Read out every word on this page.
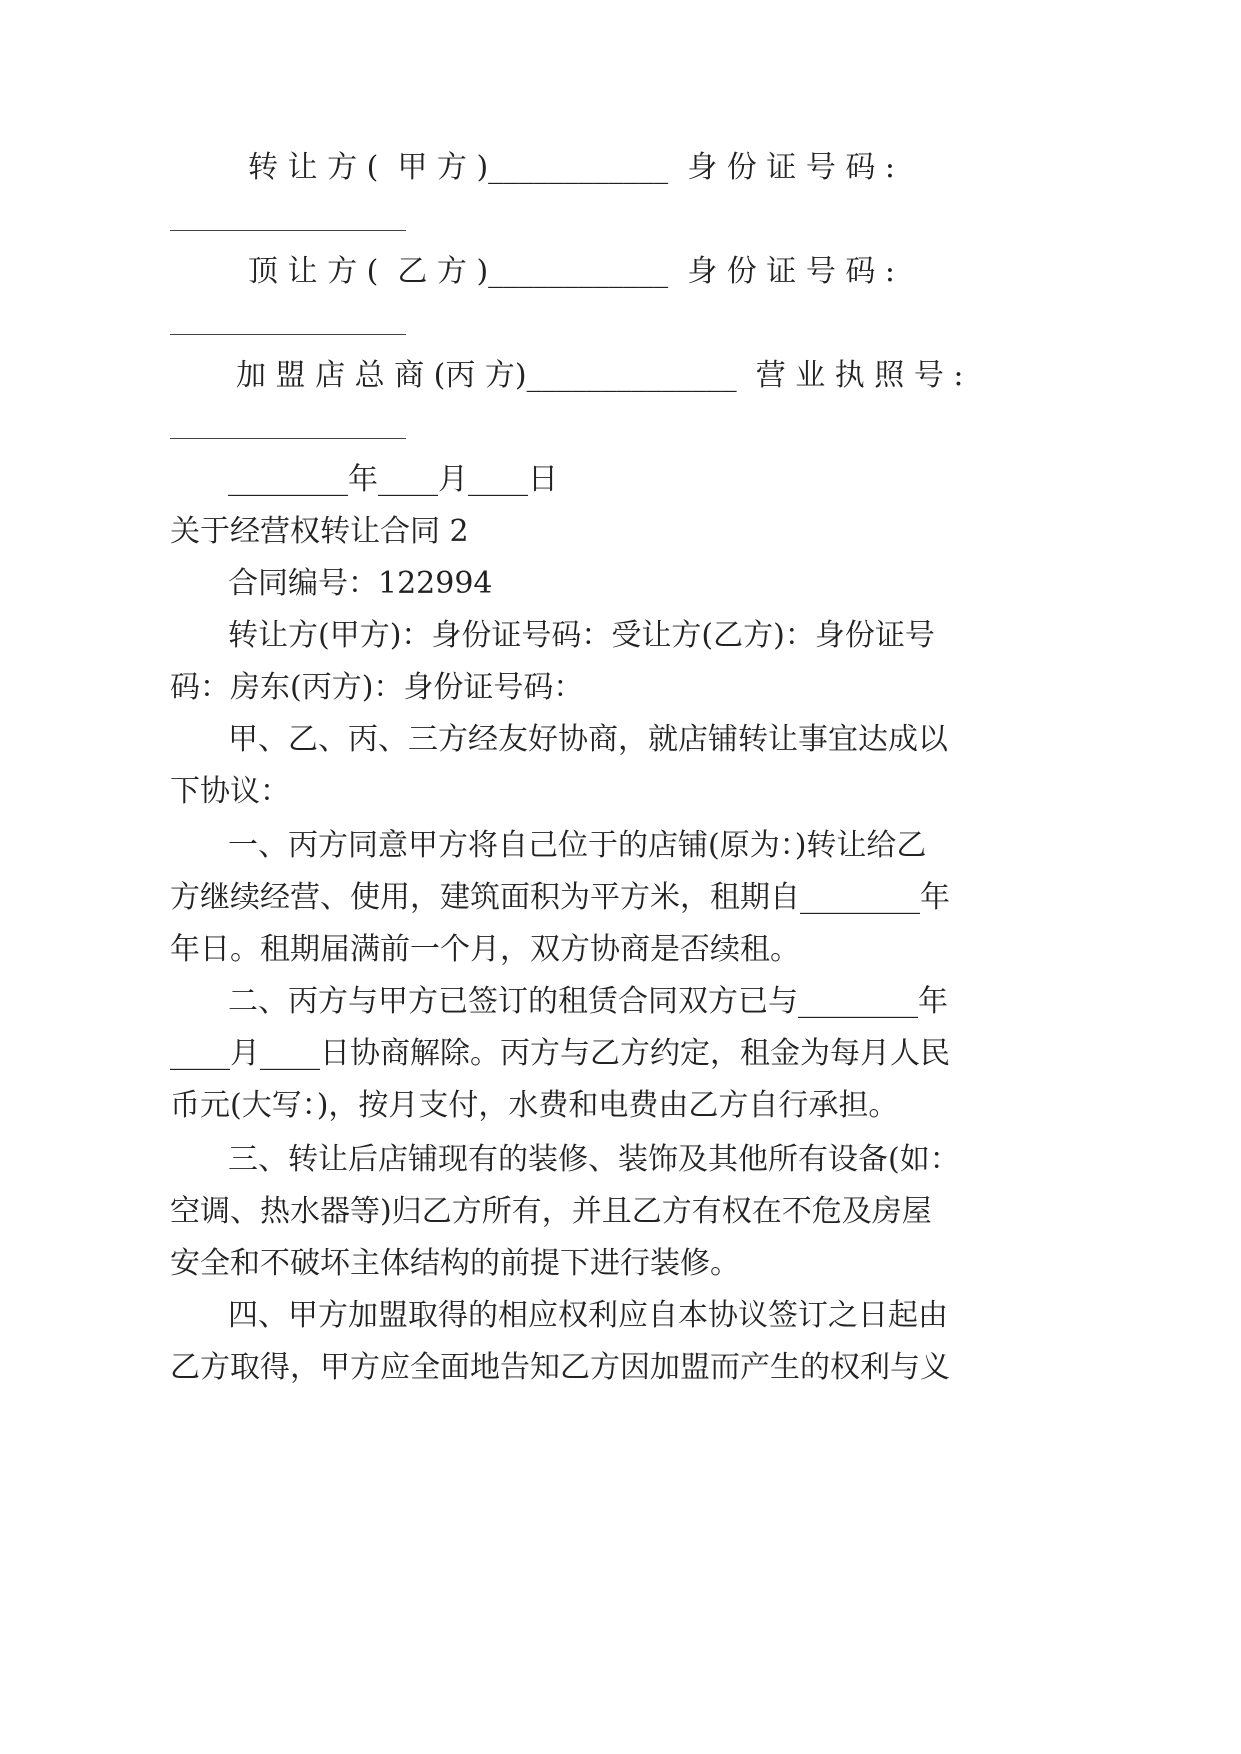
转 让 方 (  甲 方 )____________  身 份 证 号 码 :

顶 让 方 (  乙 方 )____________  身 份 证 号 码 :

加 盟 店 总 商 (丙 方)______________  营 业 执 照 号 :

________年____月____日

关于经营权转让合同 2

合同编号：122994

转让方(甲方)：身份证号码：受让方(乙方)：身份证号

码：房东(丙方)：身份证号码：

甲、乙、丙、三方经友好协商，就店铺转让事宜达成以

下协议：

一、丙方同意甲方将自己位于的店铺(原为：)转让给乙

方继续经营、使用，建筑面积为平方米，租期自________年

年日。租期届满前一个月，双方协商是否续租。

二、丙方与甲方已签订的租赁合同双方已与________年

____月____日协商解除。丙方与乙方约定，租金为每月人民

币元(大写：)，按月支付，水费和电费由乙方自行承担。

三、转让后店铺现有的装修、装饰及其他所有设备(如：

空调、热水器等)归乙方所有，并且乙方有权在不危及房屋

安全和不破坏主体结构的前提下进行装修。

四、甲方加盟取得的相应权利应自本协议签订之日起由

乙方取得，甲方应全面地告知乙方因加盟而产生的权利与义
